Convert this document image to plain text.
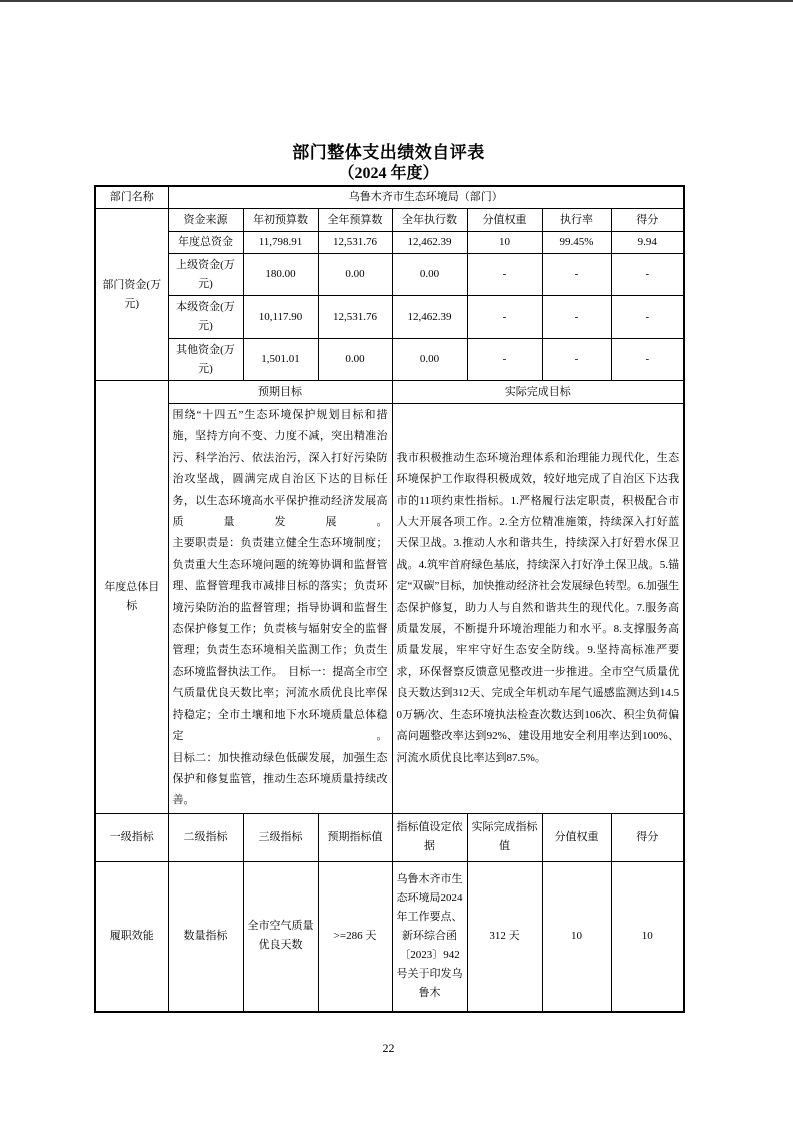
部门整体支出绩效自评表
（2024 年度）
部门名称	乌鲁木齐市生态环境局（部门）						
部门资金(万元)	资金来源	年初预算数	全年预算数	全年执行数	分值权重	执行率	得分
	年度总资金	11,798.91	12,531.76	12,462.39	10	99.45%	9.94
	上级资金(万元)	180.00	0.00	0.00	-	-	-
	本级资金(万元)	10,117.90	12,531.76	12,462.39	-	-	-
	其他资金(万元)	1,501.01	0.00	0.00	-	-	-
年度总体目标	预期目标			实际完成目标			

围绕“十四五”生态环境保护规划目标和措施，坚持方向不变、力度不减，突出精准治污、科学治污、依法治污，深入打好污染防治攻坚战，圆满完成自治区下达的目标任务，以生态环境高水平保护推动经济发展高质量发展。

主要职责是：负责建立健全生态环境制度；负责重大生态环境问题的统筹协调和监督管理、监督管理我市减排目标的落实；负责环境污染防治的监督管理；指导协调和监督生态保护修复工作；负责核与辐射安全的监督管理；负责生态环境相关监测工作；负责生态环境监督执法工作。　目标一：提高全市空气质量优良天数比率；河流水质优良比率保持稳定；全市土壤和地下水环境质量总体稳定。

目标二：加快推动绿色低碳发展，加强生态保护和修复监管，推动生态环境质量持续改善。

我市积极推动生态环境治理体系和治理能力现代化，生态环境保护工作取得积极成效，较好地完成了自治区下达我市的11项约束性指标。1.严格履行法定职责，积极配合市人大开展各项工作。2.全方位精准施策，持续深入打好蓝天保卫战。3.推动人水和谐共生，持续深入打好碧水保卫战。4.筑牢首府绿色基底，持续深入打好净土保卫战。5.锚定“双碳”目标，加快推动经济社会发展绿色转型。6.加强生态保护修复，助力人与自然和谐共生的现代化。7.服务高质量发展，不断提升环境治理能力和水平。8.支撑服务高质量发展，牢牢守好生态安全防线。9.坚持高标准严要求，环保督察反馈意见整改进一步推进。全市空气质量优良天数达到312天、完成全年机动车尾气遥感监测达到14.50万辆/次、生态环境执法检查次数达到106次、积尘负荷偏高问题整改率达到92%、建设用地安全利用率达到100%、河流水质优良比率达到87.5%。

一级指标	二级指标	三级指标	预期指标值	指标值设定依据	实际完成指标值	分值权重	得分
履职效能	数量指标	全市空气质量优良天数	>=286 天	乌鲁木齐市生态环境局2024年工作要点、新环综合函〔2023〕942号关于印发乌鲁木	312 天	10	10
22
